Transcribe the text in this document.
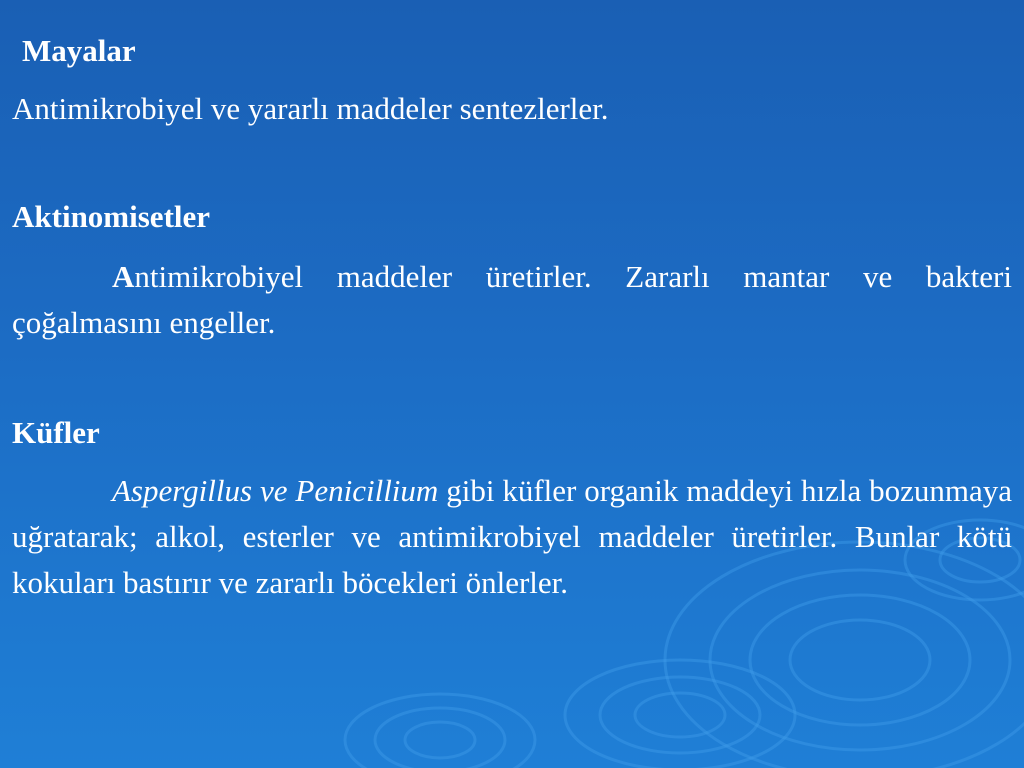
Mayalar

Antimikrobiyel ve yararlı maddeler sentezlerler.

Aktinomisetler

Antimikrobiyel maddeler üretirler. Zararlı mantar ve bakteri çoğalmasını engeller.

Küfler

Aspergillus ve Penicillium gibi küfler organik maddeyi hızla bozunmaya uğratarak; alkol, esterler ve antimikrobiyel maddeler üretirler. Bunlar kötü kokuları bastırır ve zararlı böcekleri önlerler.
